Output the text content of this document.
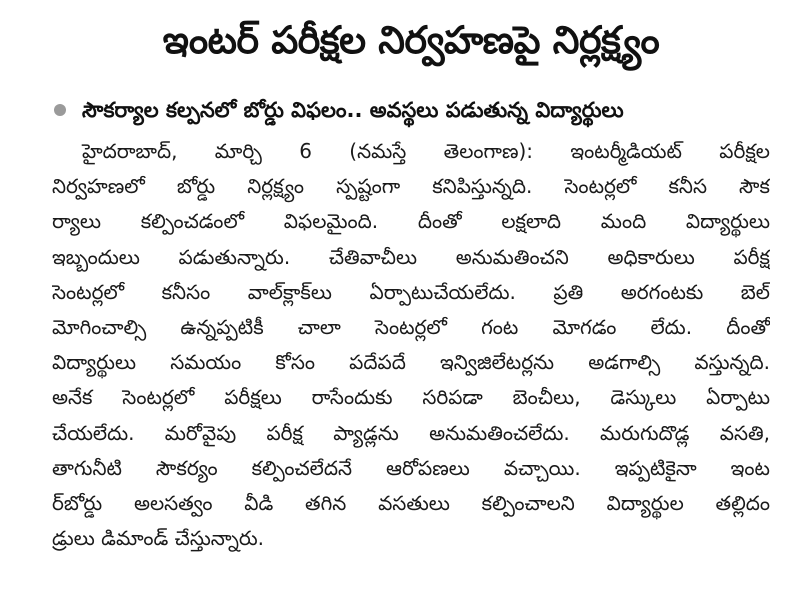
ఇంటర్ పరీక్షల నిర్వహణపై నిర్లక్ష్యం
సౌకర్యాల కల్పనలో బోర్డు విఫలం.. అవస్థలు పడుతున్న విద్యార్థులు
హైదరాబాద్, మార్చి 6 (నమస్తే తెలంగాణ): ఇంటర్మీడియట్ పరీక్షల
నిర్వహణలో బోర్డు నిర్లక్ష్యం స్పష్టంగా కనిపిస్తున్నది. సెంటర్లలో కనీస సౌక
ర్యాలు కల్పించడంలో విఫలమైంది. దీంతో లక్షలాది మంది విద్యార్థులు
ఇబ్బందులు పడుతున్నారు. చేతివాచీలు అనుమతించని అధికారులు పరీక్ష
సెంటర్లలో కనీసం వాల్‌క్లాక్‌లు ఏర్పాటుచేయలేదు. ప్రతి అరగంటకు బెల్
మోగించాల్సి ఉన్నప్పటికీ చాలా సెంటర్లలో గంట మోగడం లేదు. దీంతో
విద్యార్థులు సమయం కోసం పదేపదే ఇన్విజిలేటర్లను అడగాల్సి వస్తున్నది.
అనేక సెంటర్లలో పరీక్షలు రాసేందుకు సరిపడా బెంచీలు, డెస్కులు ఏర్పాటు
చేయలేదు. మరోవైపు పరీక్ష ప్యాడ్లను అనుమతించలేదు. మరుగుదొడ్ల వసతి,
తాగునీటి సౌకర్యం కల్పించలేదనే ఆరోపణలు వచ్చాయి. ఇప్పటికైనా ఇంట
ర్‌బోర్డు అలసత్వం వీడి తగిన వసతులు కల్పించాలని విద్యార్థుల తల్లిదం
డ్రులు డిమాండ్ చేస్తున్నారు.
